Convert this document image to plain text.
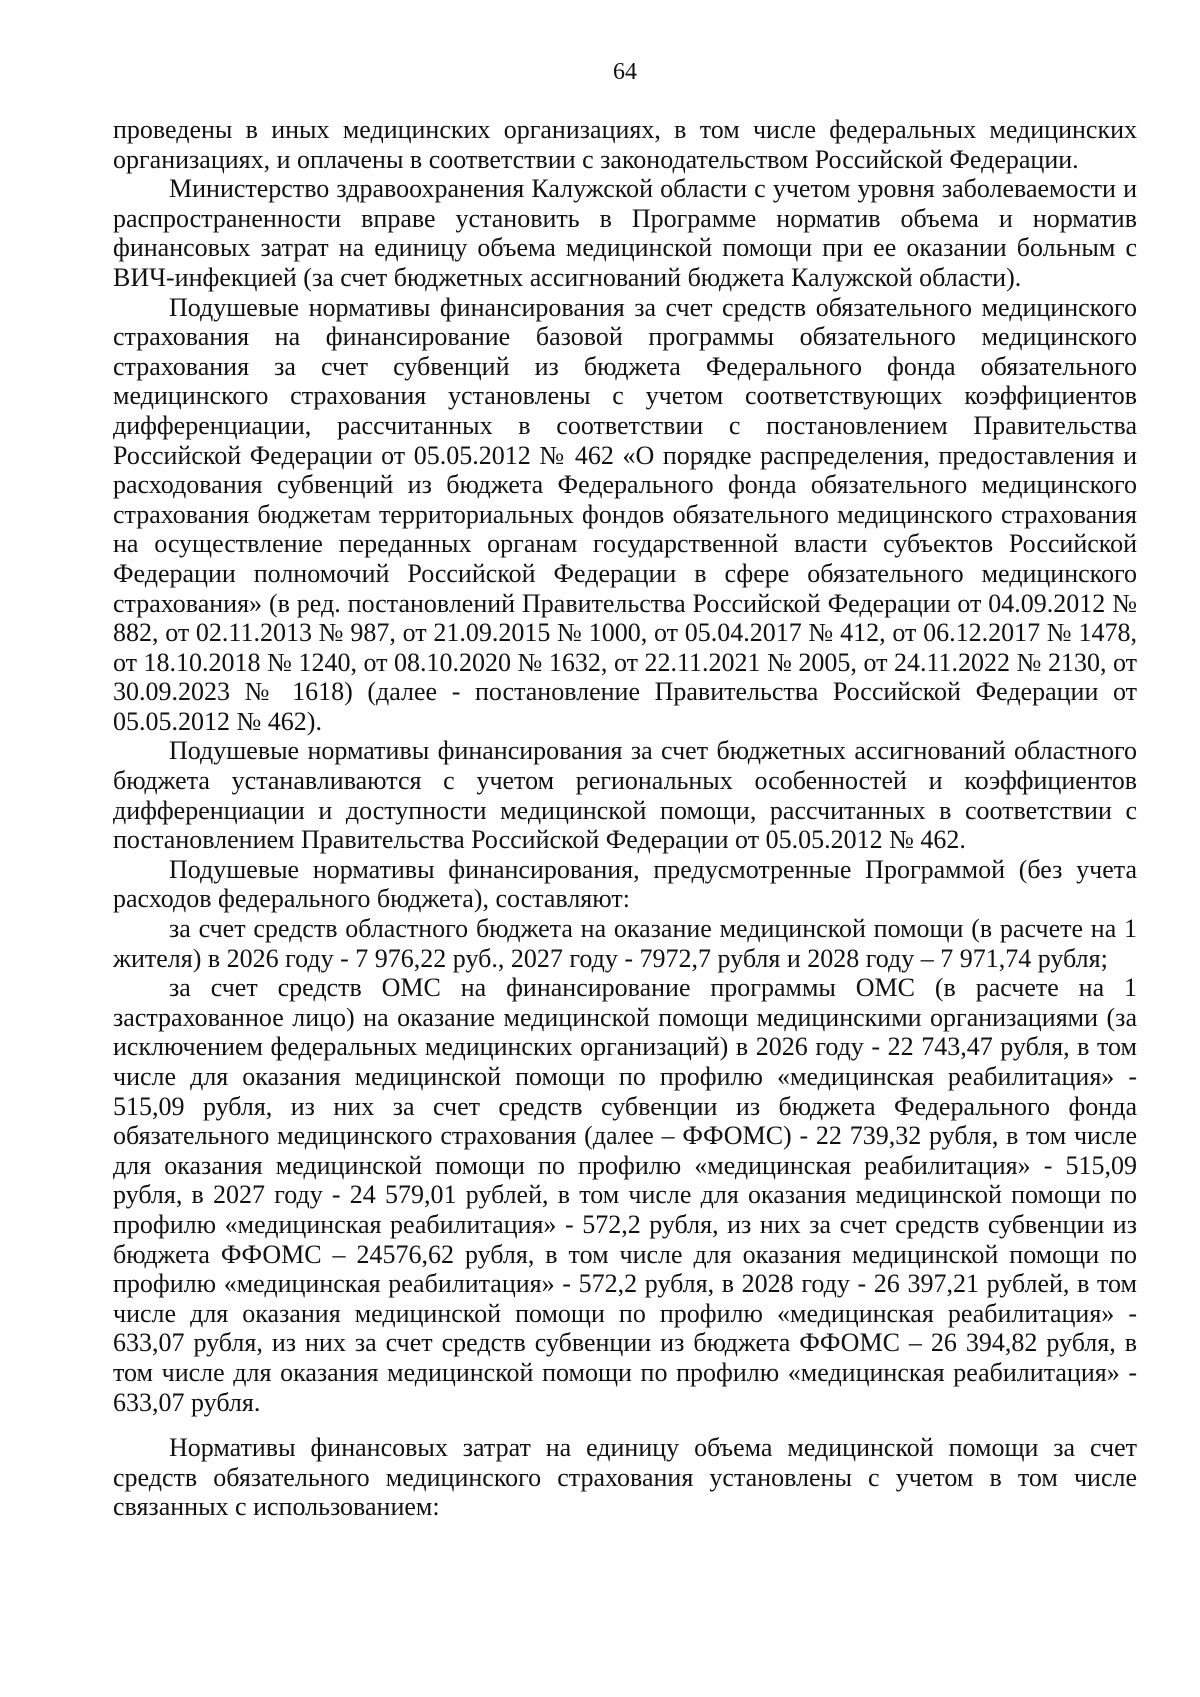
64

проведены в иных медицинских организациях, в том числе федеральных медицинских организациях, и оплачены в соответствии с законодательством Российской Федерации.

Министерство здравоохранения Калужской области с учетом уровня заболеваемости и распространенности вправе установить в Программе норматив объема и норматив финансовых затрат на единицу объема медицинской помощи при ее оказании больным с ВИЧ-инфекцией (за счет бюджетных ассигнований бюджета Калужской области).

Подушевые нормативы финансирования за счет средств обязательного медицинского страхования на финансирование базовой программы обязательного медицинского страхования за счет субвенций из бюджета Федерального фонда обязательного медицинского страхования установлены с учетом соответствующих коэффициентов дифференциации, рассчитанных в соответствии с постановлением Правительства Российской Федерации от 05.05.2012 № 462 «О порядке распределения, предоставления и расходования субвенций из бюджета Федерального фонда обязательного медицинского страхования бюджетам территориальных фондов обязательного медицинского страхования на осуществление переданных органам государственной власти субъектов Российской Федерации полномочий Российской Федерации в сфере обязательного медицинского страхования» (в ред. постановлений Правительства Российской Федерации от 04.09.2012 № 882, от 02.11.2013 № 987, от 21.09.2015 № 1000, от 05.04.2017 № 412, от 06.12.2017 № 1478, от 18.10.2018 № 1240, от 08.10.2020 № 1632, от 22.11.2021 № 2005, от 24.11.2022 № 2130, от 30.09.2023 № 1618) (далее - постановление Правительства Российской Федерации от 05.05.2012 № 462).

Подушевые нормативы финансирования за счет бюджетных ассигнований областного бюджета устанавливаются с учетом региональных особенностей и коэффициентов дифференциации и доступности медицинской помощи, рассчитанных в соответствии с постановлением Правительства Российской Федерации от 05.05.2012 № 462.

Подушевые нормативы финансирования, предусмотренные Программой (без учета расходов федерального бюджета), составляют:

за счет средств областного бюджета на оказание медицинской помощи (в расчете на 1 жителя) в 2026 году - 7 976,22 руб., 2027 году - 7972,7 рубля и 2028 году – 7 971,74 рубля;

за счет средств ОМС на финансирование программы ОМС (в расчете на 1 застрахованное лицо) на оказание медицинской помощи медицинскими организациями (за исключением федеральных медицинских организаций) в 2026 году - 22 743,47 рубля, в том числе для оказания медицинской помощи по профилю «медицинская реабилитация» - 515,09 рубля, из них за счет средств субвенции из бюджета Федерального фонда обязательного медицинского страхования (далее – ФФОМС) - 22 739,32 рубля, в том числе для оказания медицинской помощи по профилю «медицинская реабилитация» - 515,09 рубля, в 2027 году - 24 579,01 рублей, в том числе для оказания медицинской помощи по профилю «медицинская реабилитация» - 572,2 рубля, из них за счет средств субвенции из бюджета ФФОМС – 24576,62 рубля, в том числе для оказания медицинской помощи по профилю «медицинская реабилитация» - 572,2 рубля, в 2028 году - 26 397,21 рублей, в том числе для оказания медицинской помощи по профилю «медицинская реабилитация» - 633,07 рубля, из них за счет средств субвенции из бюджета ФФОМС – 26 394,82 рубля, в том числе для оказания медицинской помощи по профилю «медицинская реабилитация» - 633,07 рубля.

Нормативы финансовых затрат на единицу объема медицинской помощи за счет средств обязательного медицинского страхования установлены с учетом в том числе связанных с использованием:
